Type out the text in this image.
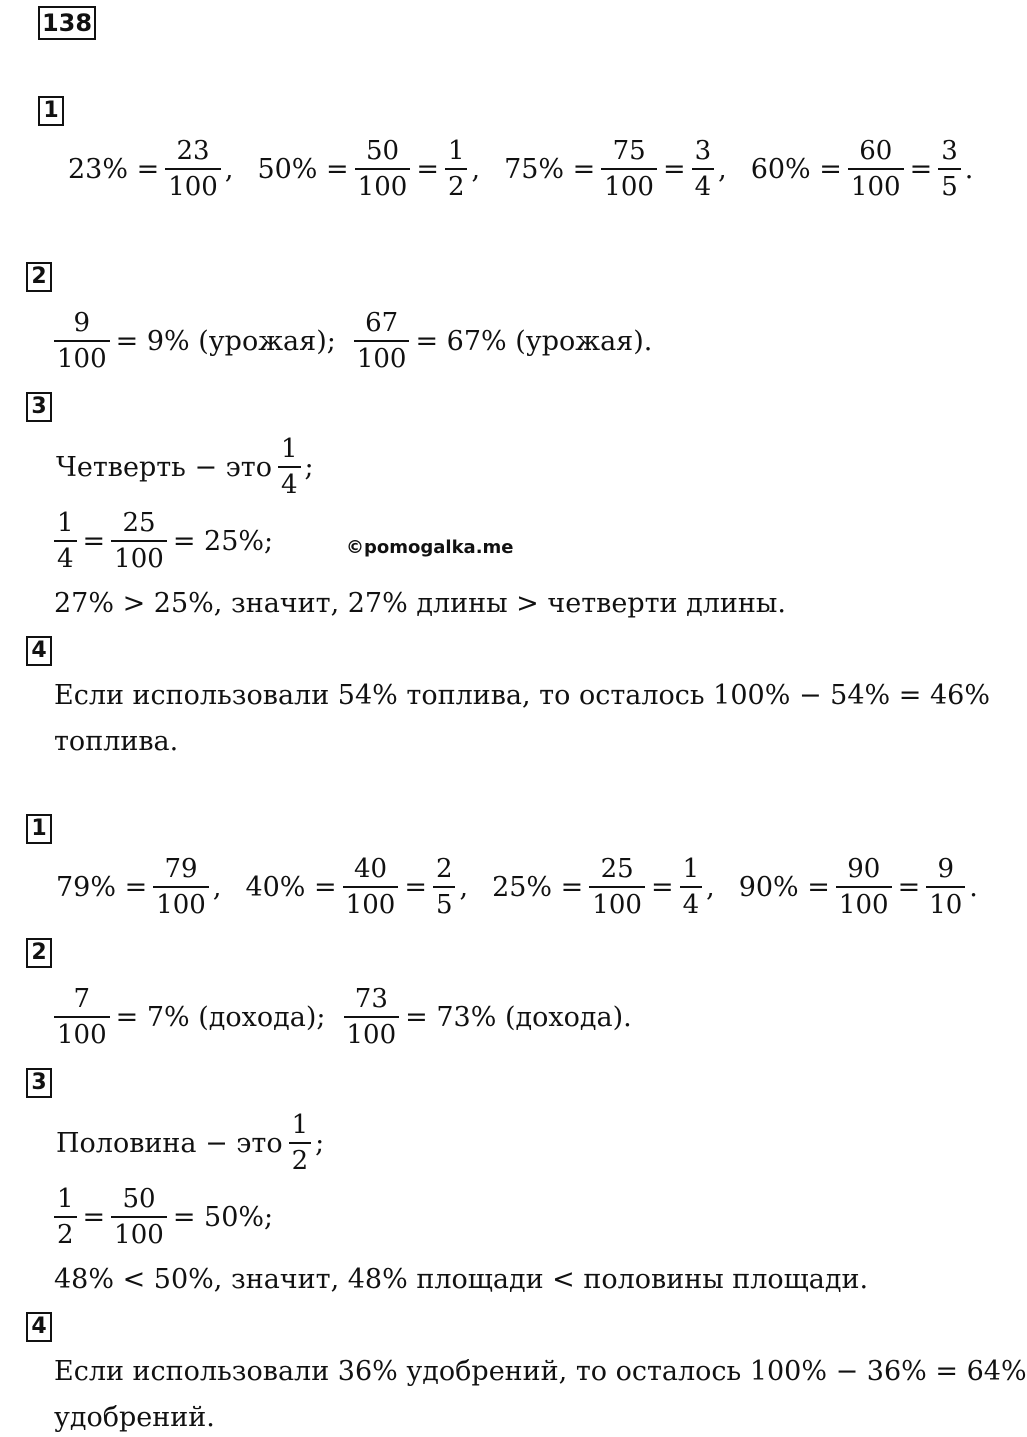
138
1
$23\% = \frac{23}{100}$ , $50\% = \frac{50}{100} = \frac{1}{2}$ , $75\% = \frac{75}{100} = \frac{3}{4}$ , $60\% = \frac{60}{100} = \frac{3}{5}$ .
2
$\frac{9}{100} = 9\%$ (урожая); $\frac{67}{100} = 67\%$ (урожая).
3
Четверть − это $\frac{1}{4}$ ;
$\frac{1}{4} = \frac{25}{100} = 25\%$;	©pomogalka.me
27% > 25%, значит, 27% длины > четверти длины.
4
Если использовали 54% топлива, то осталось 100% − 54% = 46%
топлива.
1
$79\% = \frac{79}{100}$ , $40\% = \frac{40}{100} = \frac{2}{5}$ , $25\% = \frac{25}{100} = \frac{1}{4}$ , $90\% = \frac{90}{100} = \frac{9}{10}$ .
2
$\frac{7}{100} = 7\%$ (дохода); $\frac{73}{100} = 73\%$ (дохода).
3
Половина − это $\frac{1}{2}$ ;
$\frac{1}{2} = \frac{50}{100} = 50\%$;
48% < 50%, значит, 48% площади < половины площади.
4
Если использовали 36% удобрений, то осталось 100% − 36% = 64%
удобрений.
